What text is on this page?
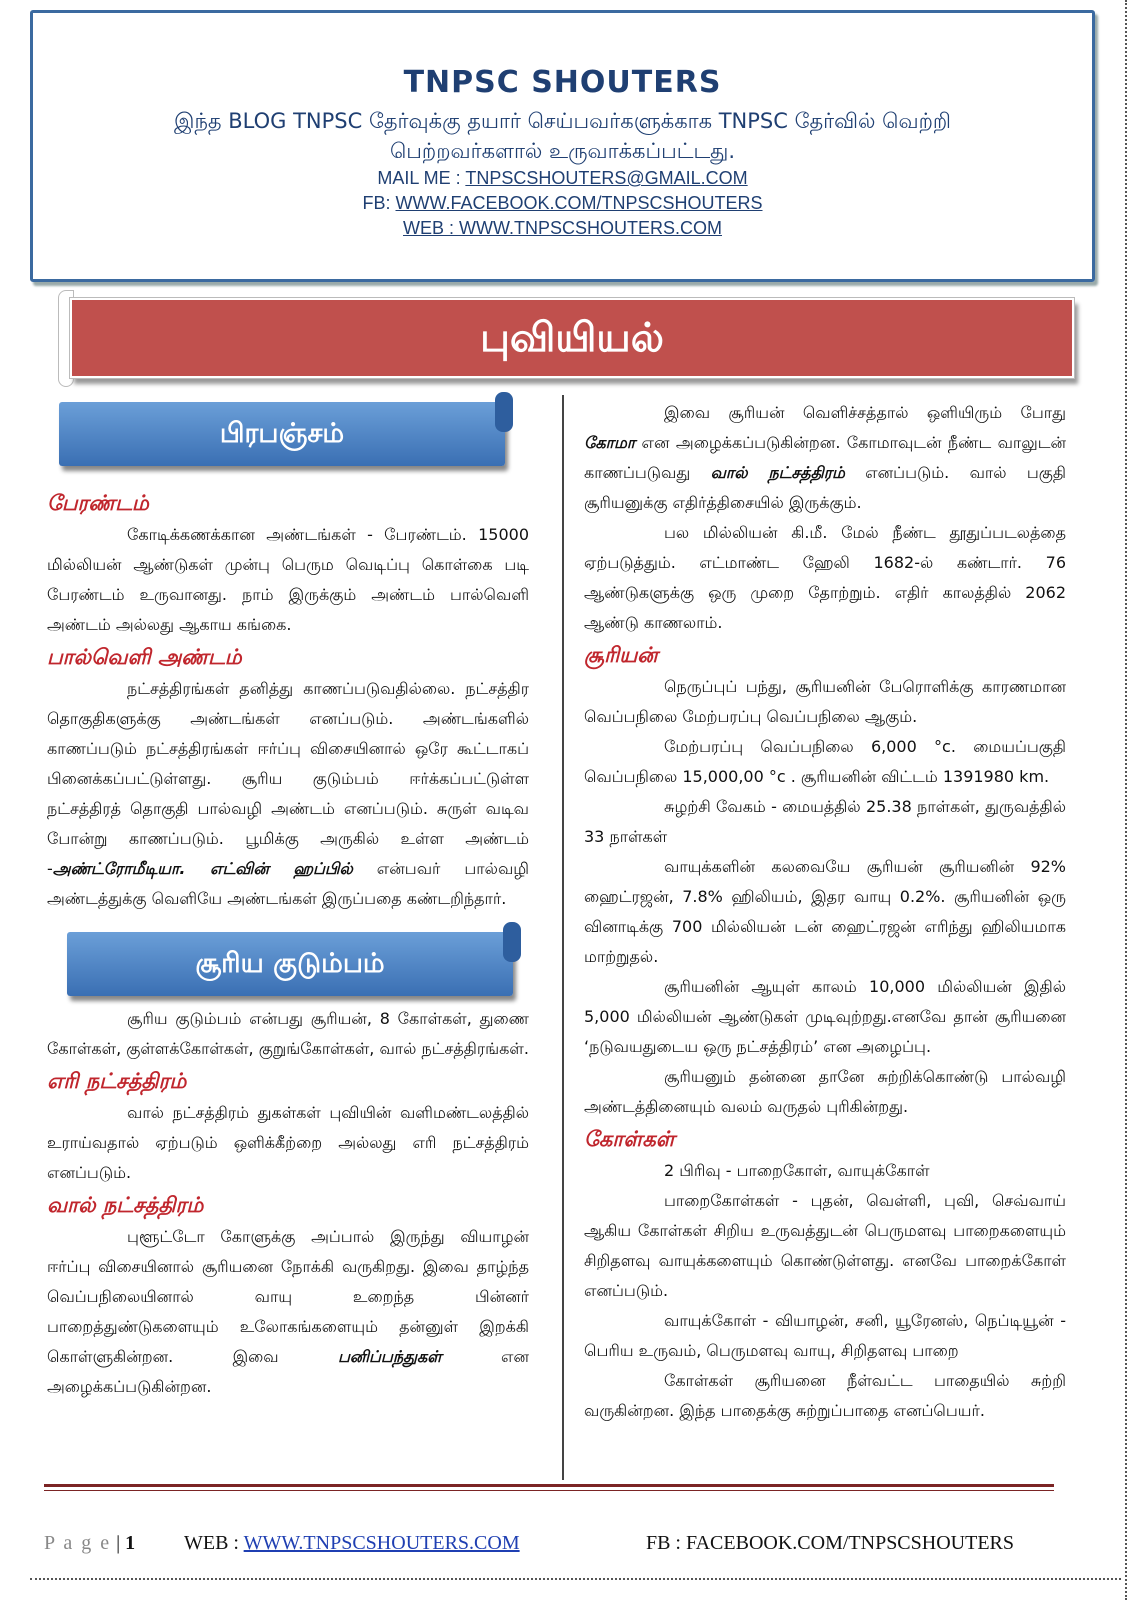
TNPSC SHOUTERS
இந்த BLOG TNPSC தேர்வுக்கு தயார் செய்பவர்களுக்காக TNPSC தேர்வில் வெற்றி
பெற்றவர்களால் உருவாக்கப்பட்டது.
MAIL ME : TNPSCSHOUTERS@GMAIL.COM
FB: WWW.FACEBOOK.COM/TNPSCSHOUTERS
WEB : WWW.TNPSCSHOUTERS.COM
புவியியல்
பிரபஞ்சம்
பேரண்டம்

கோடிக்கணக்கான அண்டங்கள் - பேரண்டம். 15000 மில்லியன் ஆண்டுகள் முன்பு பெரும வெடிப்பு கொள்கை படி பேரண்டம் உருவானது. நாம் இருக்கும் அண்டம் பால்வெளி அண்டம் அல்லது ஆகாய கங்கை.

பால்வெளி அண்டம்

நட்சத்திரங்கள் தனித்து காணப்படுவதில்லை. நட்சத்திர தொகுதிகளுக்கு அண்டங்கள் எனப்படும். அண்டங்களில் காணப்படும் நட்சத்திரங்கள் ஈர்ப்பு விசையினால் ஒரே கூட்டாகப் பினைக்கப்பட்டுள்ளது. சூரிய குடும்பம் ஈர்க்கப்பட்டுள்ள நட்சத்திரத் தொகுதி பால்வழி அண்டம் எனப்படும். சுருள் வடிவ போன்று காணப்படும். பூமிக்கு அருகில் உள்ள அண்டம் -அண்ட்ரோமீடியா. எட்வின் ஹப்பில் என்பவர் பால்வழி அண்டத்துக்கு வெளியே அண்டங்கள் இருப்பதை கண்டறிந்தார்.

சூரிய குடும்பம்

சூரிய குடும்பம் என்பது சூரியன், 8 கோள்கள், துணை கோள்கள், குள்ளக்கோள்கள், குறுங்கோள்கள், வால் நட்சத்திரங்கள்.

எரி நட்சத்திரம்

வால் நட்சத்திரம் துகள்கள் புவியின் வளிமண்டலத்தில் உராய்வதால் ஏற்படும் ஒளிக்கீற்றை அல்லது எரி நட்சத்திரம் எனப்படும்.

வால் நட்சத்திரம்

புளூட்டோ கோளுக்கு அப்பால் இருந்து வியாழன் ஈர்ப்பு விசையினால் சூரியனை நோக்கி வருகிறது. இவை தாழ்ந்த வெப்பநிலையினால் வாயு உறைந்த பின்னர் பாறைத்துண்டுகளையும் உலோகங்களையும் தன்னுள் இறக்கி கொள்ளுகின்றன. இவை பனிப்பந்துகள் என அழைக்கப்படுகின்றன.

இவை சூரியன் வெளிச்சத்தால் ஒளியிரும் போது கோமா என அழைக்கப்படுகின்றன. கோமாவுடன் நீண்ட வாலுடன் காணப்படுவது வால் நட்சத்திரம் எனப்படும். வால் பகுதி சூரியனுக்கு எதிர்த்திசையில் இருக்கும்.

பல மில்லியன் கி.மீ. மேல் நீண்ட தூதுப்படலத்தை ஏற்படுத்தும். எட்மாண்ட ஹேலி 1682-ல் கண்டார். 76 ஆண்டுகளுக்கு ஒரு முறை தோற்றும். எதிர் காலத்தில் 2062 ஆண்டு காணலாம்.

சூரியன்

நெருப்புப் பந்து, சூரியனின் பேரொளிக்கு காரணமான வெப்பநிலை மேற்பரப்பு வெப்பநிலை ஆகும்.

மேற்பரப்பு வெப்பநிலை 6,000 °c. மையப்பகுதி வெப்பநிலை 15,000,00 °c . சூரியனின் விட்டம் 1391980 km.

சுழற்சி வேகம் - மையத்தில் 25.38 நாள்கள், துருவத்தில் 33 நாள்கள்

வாயுக்களின் கலவையே சூரியன் சூரியனின் 92% ஹைட்ரஜன், 7.8% ஹிலியம், இதர வாயு 0.2%. சூரியனின் ஒரு வினாடிக்கு 700 மில்லியன் டன் ஹைட்ரஜன் எரிந்து ஹிலியமாக மாற்றுதல்.

சூரியனின் ஆயுள் காலம் 10,000 மில்லியன் இதில் 5,000 மில்லியன் ஆண்டுகள் முடிவுற்றது.எனவே தான் சூரியனை ‘நடுவயதுடைய ஒரு நட்சத்திரம்’ என அழைப்பு.

சூரியனும் தன்னை தானே சுற்றிக்கொண்டு பால்வழி அண்டத்தினையும் வலம் வருதல் புரிகின்றது.

கோள்கள்

2 பிரிவு - பாறைகோள், வாயுக்கோள்

பாறைகோள்கள் - புதன், வெள்ளி, புவி, செவ்வாய் ஆகிய கோள்கள் சிறிய உருவத்துடன் பெருமளவு பாறைகளையும் சிறிதளவு வாயுக்களையும் கொண்டுள்ளது. எனவே பாறைக்கோள் எனப்படும்.

வாயுக்கோள் - வியாழன், சனி, யூரேனஸ், நெப்டியூன் - பெரிய உருவம், பெருமளவு வாயு, சிறிதளவு பாறை

கோள்கள் சூரியனை நீள்வட்ட பாதையில் சுற்றி வருகின்றன. இந்த பாதைக்கு சுற்றுப்பாதை எனப்பெயர்.

P a g e | 1 WEB : WWW.TNPSCSHOUTERS.COM	FB : FACEBOOK.COM/TNPSCSHOUTERS
